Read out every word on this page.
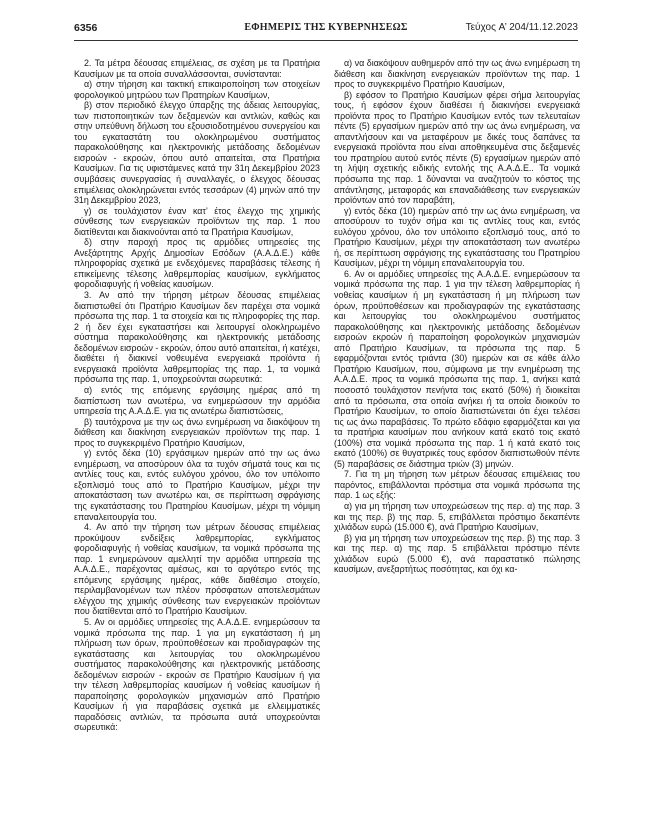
6356	ΕΦΗΜΕΡΙΣ ΤΗΣ ΚΥΒΕΡΝΗΣΕΩΣ	Τεύχος A’ 204/11.12.2023

2. Τα μέτρα δέουσας επιμέλειας, σε σχέση με τα Πρατήρια Καυσίμων με τα οποία συναλλάσσονται, συνίστανται:

α) στην τήρηση και τακτική επικαιροποίηση των στοιχείων φορολογικού μητρώου των Πρατηρίων Καυσίμων,

β) στον περιοδικό έλεγχο ύπαρξης της άδειας λειτουργίας, των πιστοποιητικών των δεξαμενών και αντλιών, καθώς και στην υπεύθυνη δήλωση του εξουσιοδοτημένου συνεργείου και του εγκαταστάτη του ολοκληρωμένου συστήματος παρακολούθησης και ηλεκτρονικής μετάδοσης δεδομένων εισροών - εκροών, όπου αυτό απαιτείται, στα Πρατήρια Καυσίμων. Για τις υφιστάμενες κατά την 31η Δεκεμβρίου 2023 συμβάσεις συνεργασίας ή συναλλαγές, ο έλεγχος δέουσας επιμέλειας ολοκληρώνεται εντός τεσσάρων (4) μηνών από την 31η Δεκεμβρίου 2023,

γ) σε τουλάχιστον έναν κατ’ έτος έλεγχο της χημικής σύνθεσης των ενεργειακών προϊόντων της παρ. 1 που διατίθενται και διακινούνται από τα Πρατήρια Καυσίμων,

δ) στην παροχή προς τις αρμόδιες υπηρεσίες της Ανεξάρτητης Αρχής Δημοσίων Εσόδων (Α.Α.Δ.Ε.) κάθε πληροφορίας σχετικά με ενδεχόμενες παραβάσεις τέλεσης ή επικείμενης τέλεσης λαθρεμπορίας καυσίμων, εγκλήματος φοροδιαφυγής ή νοθείας καυσίμων.

3. Αν από την τήρηση μέτρων δέουσας επιμέλειας διαπιστωθεί ότι Πρατήριο Καυσίμων δεν παρέχει στα νομικά πρόσωπα της παρ. 1 τα στοιχεία και τις πληροφορίες της παρ. 2 ή δεν έχει εγκαταστήσει και λειτουργεί ολοκληρωμένο σύστημα παρακολούθησης και ηλεκτρονικής μετάδοσης δεδομένων εισροών - εκροών, όπου αυτό απαιτείται, ή κατέχει, διαθέτει ή διακινεί νοθευμένα ενεργειακά προϊόντα ή ενεργειακά προϊόντα λαθρεμπορίας της παρ. 1, τα νομικά πρόσωπα της παρ. 1, υποχρεούνται σωρευτικά:

α) εντός της επόμενης εργάσιμης ημέρας από τη διαπίστωση των ανωτέρω, να ενημερώσουν την αρμόδια υπηρεσία της Α.Α.Δ.Ε. για τις ανωτέρω διαπιστώσεις,

β) ταυτόχρονα με την ως άνω ενημέρωση να διακόψουν τη διάθεση και διακίνηση ενεργειακών προϊόντων της παρ. 1 προς το συγκεκριμένο Πρατήριο Καυσίμων,

γ) εντός δέκα (10) εργάσιμων ημερών από την ως άνω ενημέρωση, να αποσύρουν όλα τα τυχόν σήματά τους και τις αντλίες τους και, εντός ευλόγου χρόνου, όλο τον υπόλοιπο εξοπλισμό τους από το Πρατήριο Καυσίμων, μέχρι την αποκατάσταση των ανωτέρω και, σε περίπτωση σφράγισης της εγκατάστασης του Πρατηρίου Καυσίμων, μέχρι τη νόμιμη επαναλειτουργία του.

4. Αν από την τήρηση των μέτρων δέουσας επιμέλειας προκύψουν ενδείξεις λαθρεμπορίας, εγκλήματος φοροδιαφυγής ή νοθείας καυσίμων, τα νομικά πρόσωπα της παρ. 1 ενημερώνουν αμελλητί την αρμόδια υπηρεσία της Α.Α.Δ.Ε., παρέχοντας αμέσως, και το αργότερο εντός της επόμενης εργάσιμης ημέρας, κάθε διαθέσιμο στοιχείο, περιλαμβανομένων των πλέον πρόσφατων αποτελεσμάτων ελέγχου της χημικής σύνθεσης των ενεργειακών προϊόντων που διατίθενται από το Πρατήριο Καυσίμων.

5. Αν οι αρμόδιες υπηρεσίες της Α.Α.Δ.Ε. ενημερώσουν τα νομικά πρόσωπα της παρ. 1 για μη εγκατάσταση ή μη πλήρωση των όρων, προϋποθέσεων και προδιαγραφών της εγκατάστασης και λειτουργίας του ολοκληρωμένου συστήματος παρακολούθησης και ηλεκτρονικής μετάδοσης δεδομένων εισροών - εκροών σε Πρατήριο Καυσίμων ή για την τέλεση λαθρεμπορίας καυσίμων ή νοθείας καυσίμων ή παραποίησης φορολογικών μηχανισμών από Πρατήριο Καυσίμων ή για παραβάσεις σχετικά με ελλειμματικές παραδόσεις αντλιών, τα πρόσωπα αυτά υποχρεούνται σωρευτικά:

α) να διακόψουν αυθημερόν από την ως άνω ενημέρωση τη διάθεση και διακίνηση ενεργειακών προϊόντων της παρ. 1 προς το συγκεκριμένο Πρατήριο Καυσίμων,

β) εφόσον το Πρατήριο Καυσίμων φέρει σήμα λειτουργίας τους, ή εφόσον έχουν διαθέσει ή διακινήσει ενεργειακά προϊόντα προς το Πρατήριο Καυσίμων εντός των τελευταίων πέντε (5) εργασίμων ημερών από την ως άνω ενημέρωση, να απαντλήσουν και να μεταφέρουν με δικές τους δαπάνες τα ενεργειακά προϊόντα που είναι αποθηκευμένα στις δεξαμενές του πρατηρίου αυτού εντός πέντε (5) εργασίμων ημερών από τη λήψη σχετικής ειδικής εντολής της Α.Α.Δ.Ε.. Τα νομικά πρόσωπα της παρ. 1 δύνανται να αναζητούν το κόστος της απάντλησης, μεταφοράς και επαναδιάθεσης των ενεργειακών προϊόντων από τον παραβάτη,

γ) εντός δέκα (10) ημερών από την ως άνω ενημέρωση, να αποσύρουν το τυχόν σήμα και τις αντλίες τους και, εντός ευλόγου χρόνου, όλο τον υπόλοιπο εξοπλισμό τους, από το Πρατήριο Καυσίμων, μέχρι την αποκατάσταση των ανωτέρω ή, σε περίπτωση σφράγισης της εγκατάστασης του Πρατηρίου Καυσίμων, μέχρι τη νόμιμη επαναλειτουργία του.

6. Αν οι αρμόδιες υπηρεσίες της Α.Α.Δ.Ε. ενημερώσουν τα νομικά πρόσωπα της παρ. 1 για την τέλεση λαθρεμπορίας ή νοθείας καυσίμων ή μη εγκατάσταση ή μη πλήρωση των όρων, προϋποθέσεων και προδιαγραφών της εγκατάστασης και λειτουργίας του ολοκληρωμένου συστήματος παρακολούθησης και ηλεκτρονικής μετάδοσης δεδομένων εισροών εκροών ή παραποίηση φορολογικών μηχανισμών από Πρατήριο Καυσίμων, τα πρόσωπα της παρ. 5 εφαρμόζονται εντός τριάντα (30) ημερών και σε κάθε άλλο Πρατήριο Καυσίμων, που, σύμφωνα με την ενημέρωση της Α.Α.Δ.Ε. προς τα νομικά πρόσωπα της παρ. 1, ανήκει κατά ποσοστό τουλάχιστον πενήντα τοις εκατό (50%) ή διοικείται από τα πρόσωπα, στα οποία ανήκει ή τα οποία διοικούν το Πρατήριο Καυσίμων, το οποίο διαπιστώνεται ότι έχει τελέσει τις ως άνω παραβάσεις. Το πρώτο εδάφιο εφαρμόζεται και για τα πρατήρια καυσίμων που ανήκουν κατά εκατό τοις εκατό (100%) στα νομικά πρόσωπα της παρ. 1 ή κατά εκατό τοις εκατό (100%) σε θυγατρικές τους εφόσον διαπιστωθούν πέντε (5) παραβάσεις σε διάστημα τριών (3) μηνών.

7. Για τη μη τήρηση των μέτρων δέουσας επιμέλειας του παρόντος, επιβάλλονται πρόστιμα στα νομικά πρόσωπα της παρ. 1 ως εξής:

α) για μη τήρηση των υποχρεώσεων της περ. α) της παρ. 3 και της περ. β) της παρ. 5, επιβάλλεται πρόστιμο δεκαπέντε χιλιάδων ευρώ (15.000 €), ανά Πρατήριο Καυσίμων,

β) για μη τήρηση των υποχρεώσεων της περ. β) της παρ. 3 και της περ. α) της παρ. 5 επιβάλλεται πρόστιμο πέντε χιλιάδων ευρώ (5.000 €), ανά παραστατικό πώλησης καυσίμων, ανεξαρτήτως ποσότητας, και όχι κα-
